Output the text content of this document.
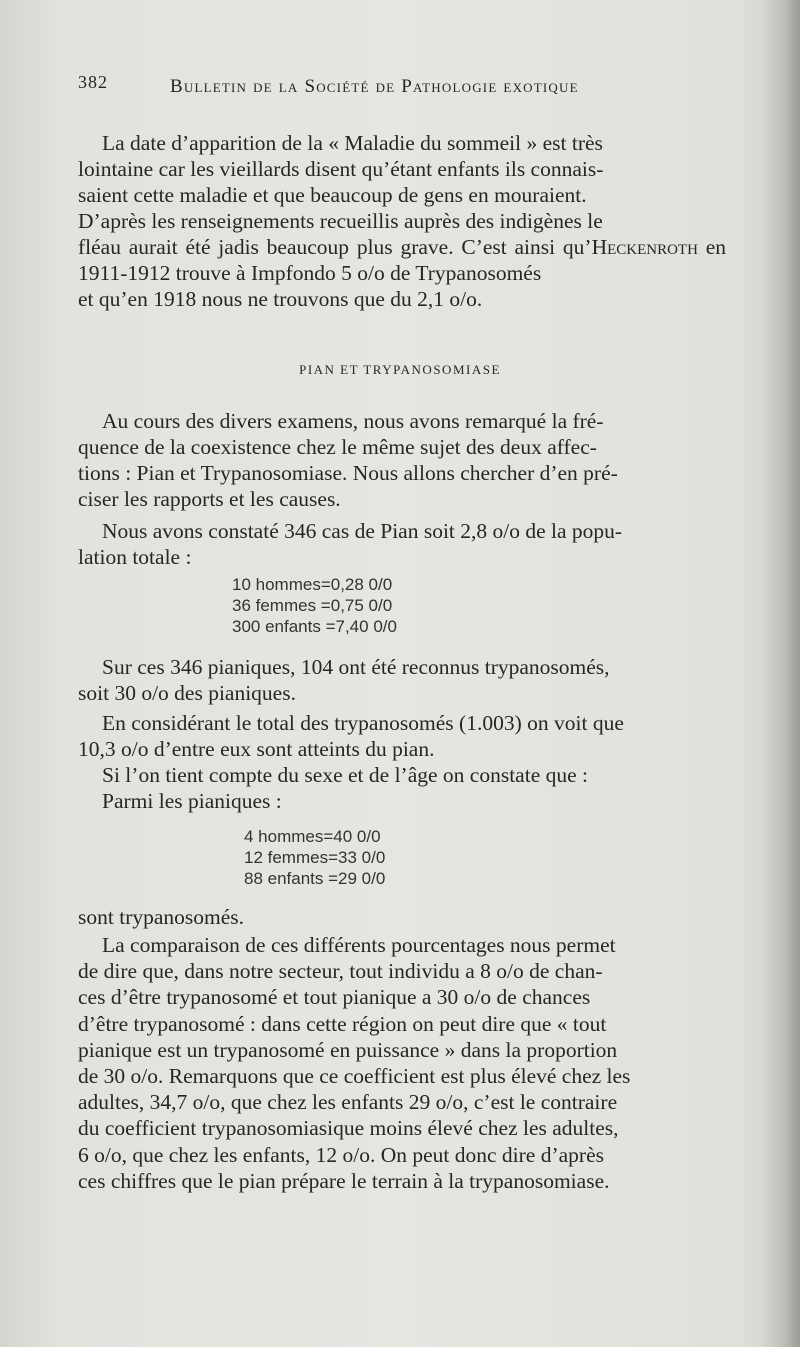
382	Bulletin de la Société de Pathologie exotique

La date d’apparition de la « Maladie du sommeil » est très

lointaine car les vieillards disent qu’étant enfants ils connais-

saient cette maladie et que beaucoup de gens en mouraient.

D’après les renseignements recueillis auprès des indigènes le

fléau aurait été jadis beaucoup plus grave. C’est ainsi qu’Heckenroth en 1911-1912 trouve à Impfondo 5 o/o de Trypanosomés

et qu’en 1918 nous ne trouvons que du 2,1 o/o.

PIAN ET TRYPANOSOMIASE

Au cours des divers examens, nous avons remarqué la fré-

quence de la coexistence chez le même sujet des deux affec-

tions : Pian et Trypanosomiase. Nous allons chercher d’en pré-

ciser les rapports et les causes.

Nous avons constaté 346 cas de Pian soit 2,8 o/o de la popu-

lation totale :

10 hommes=0,28 0/0
36 femmes =0,75 0/0
300 enfants =7,40 0/0

Sur ces 346 pianiques, 104 ont été reconnus trypanosomés,

soit 30 o/o des pianiques.

En considérant le total des trypanosomés (1.003) on voit que

10,3 o/o d’entre eux sont atteints du pian.

Si l’on tient compte du sexe et de l’âge on constate que :

Parmi les pianiques :

4 hommes=40 0/0
12 femmes=33 0/0
88 enfants =29 0/0

sont trypanosomés.

La comparaison de ces différents pourcentages nous permet

de dire que, dans notre secteur, tout individu a 8 o/o de chan-

ces d’être trypanosomé et tout pianique a 30 o/o de chances

d’être trypanosomé : dans cette région on peut dire que « tout

pianique est un trypanosomé en puissance » dans la proportion

de 30 o/o. Remarquons que ce coefficient est plus élevé chez les

adultes, 34,7 o/o, que chez les enfants 29 o/o, c’est le contraire

du coefficient trypanosomiasique moins élevé chez les adultes,

6 o/o, que chez les enfants, 12 o/o. On peut donc dire d’après

ces chiffres que le pian prépare le terrain à la trypanosomiase.
